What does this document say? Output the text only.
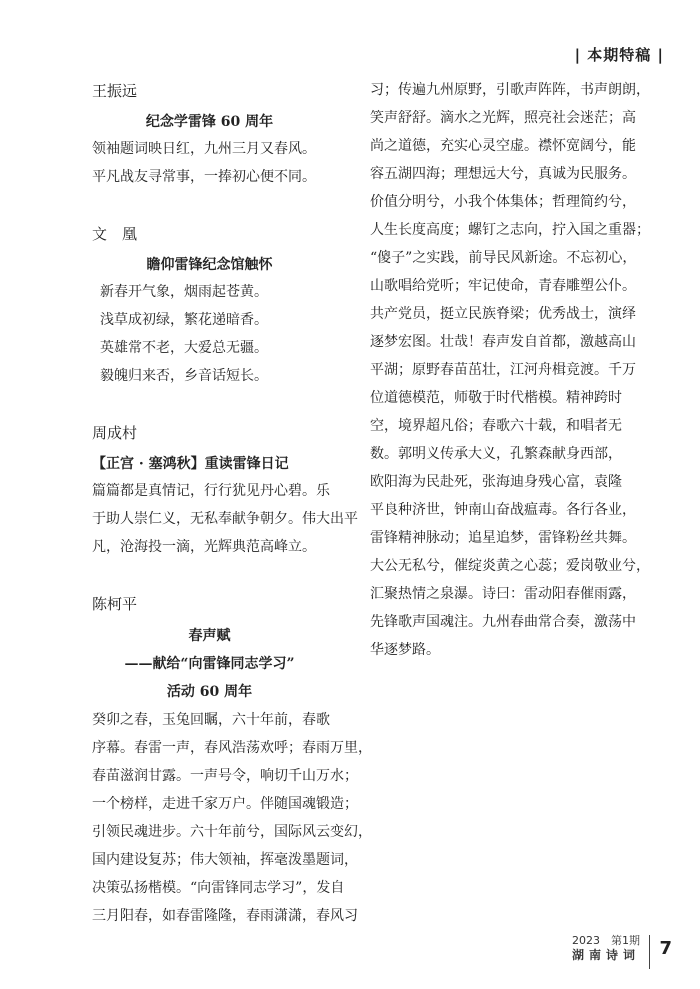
| 本期特稿 |
王振远
纪念学雷锋 60 周年
领袖题词映日红，九州三月又春风。
平凡战友寻常事，一捧初心便不同。
文　凰
瞻仰雷锋纪念馆触怀
新春开气象，烟雨起苍黄。
浅草成初绿，繁花递暗香。
英雄常不老，大爱总无疆。
毅魄归来否，乡音话短长。
周成村
【正宫 · 塞鸿秋】重读雷锋日记
篇篇都是真情记，行行犹见丹心碧。乐
于助人崇仁义，无私奉献争朝夕。伟大出平
凡，沧海投一滴，光辉典范高峰立。
陈柯平
春声赋
——献给“向雷锋同志学习”
活动 60 周年
癸卯之春，玉兔回瞩，六十年前，春歌
序幕。春雷一声，春风浩荡欢呼；春雨万里，
春苗滋润甘露。一声号令，响切千山万水；
一个榜样，走进千家万户。伴随国魂锻造；
引领民魂进步。六十年前兮，国际风云变幻，
国内建设复苏；伟大领袖，挥毫泼墨题词，
决策弘扬楷模。“向雷锋同志学习”，发自
三月阳春，如春雷隆隆，春雨潇潇，春风习
习；传遍九州原野，引歌声阵阵，书声朗朗，
笑声舒舒。滴水之光辉，照亮社会迷茫；高
尚之道德，充实心灵空虚。襟怀宽阔兮，能
容五湖四海；理想远大兮，真诚为民服务。
价值分明兮，小我个体集体；哲理简约兮，
人生长度高度；螺钉之志向，拧入国之重器；
“傻子”之实践，前导民风新途。不忘初心，
山歌唱给党听；牢记使命，青春雕塑公仆。
共产党员，挺立民族脊梁；优秀战士，演绎
逐梦宏图。壮哉！春声发自首都，激越高山
平湖；原野春苗茁壮，江河舟楫竞渡。千万
位道德模范，师敬于时代楷模。精神跨时
空，境界超凡俗；春歌六十载，和唱者无
数。郭明义传承大义，孔繁森献身西部，
欧阳海为民赴死，张海迪身残心富，袁隆
平良种济世，钟南山奋战瘟毒。各行各业，
雷锋精神脉动；追星追梦，雷锋粉丝共舞。
大公无私兮，催绽炎黄之心蕊；爱岗敬业兮，
汇聚热情之泉瀑。诗曰：雷动阳春催雨露，
先锋歌声国魂注。九州春曲常合奏，激荡中
华逐梦路。
2023　第1期
湖南诗词 7
